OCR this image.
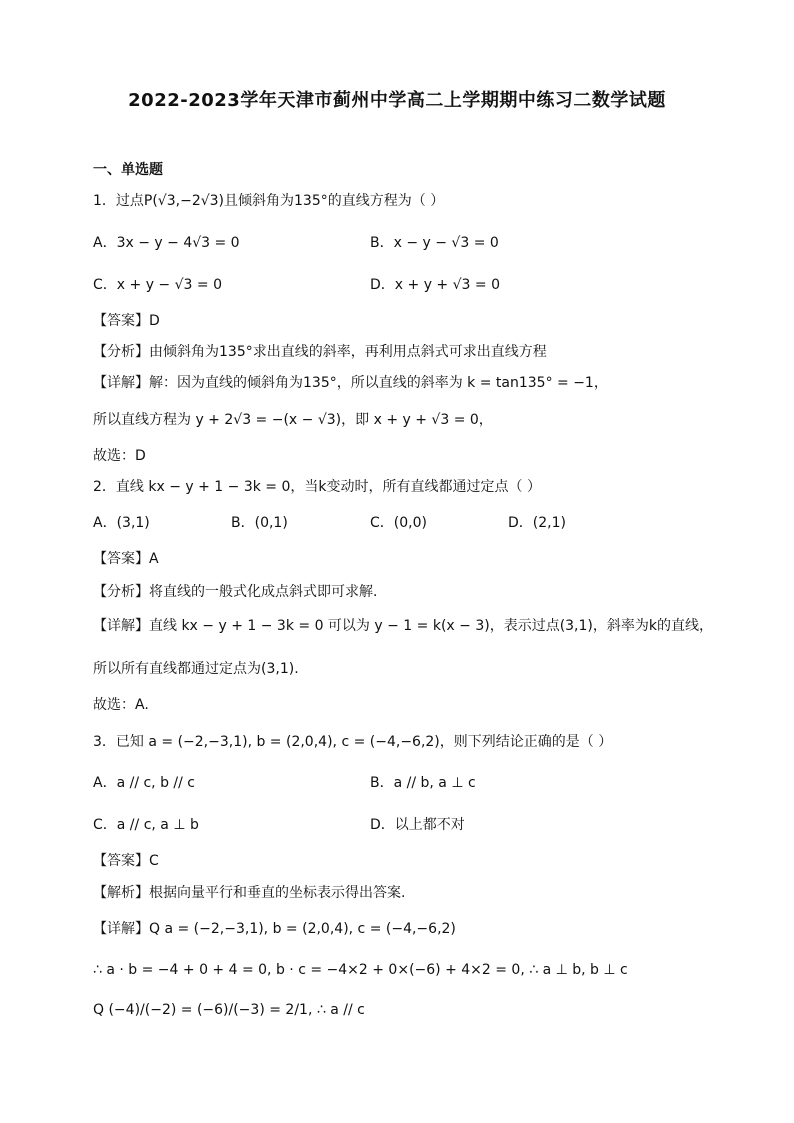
2022-2023学年天津市蓟州中学高二上学期期中练习二数学试题
一、单选题
1．过点P(√3,−2√3)且倾斜角为135°的直线方程为（ ）
A．3x − y − 4√3 = 0	B．x − y − √3 = 0
C．x + y − √3 = 0	D．x + y + √3 = 0
【答案】D
【分析】由倾斜角为135°求出直线的斜率，再利用点斜式可求出直线方程
【详解】解：因为直线的倾斜角为135°，所以直线的斜率为 k = tan135° = −1，
所以直线方程为 y + 2√3 = −(x − √3)，即 x + y + √3 = 0，
故选：D
2．直线 kx − y + 1 − 3k = 0，当k变动时，所有直线都通过定点（ ）
A．(3,1)	B．(0,1)	C．(0,0)	D．(2,1)
【答案】A
【分析】将直线的一般式化成点斜式即可求解.
【详解】直线 kx − y + 1 − 3k = 0 可以为 y − 1 = k(x − 3)，表示过点(3,1)，斜率为k的直线，
所以所有直线都通过定点为(3,1).
故选：A.
3．已知 a = (−2,−3,1), b = (2,0,4), c = (−4,−6,2)，则下列结论正确的是（ ）
A．a // c, b // c	B．a // b, a ⊥ c
C．a // c, a ⊥ b	D．以上都不对
【答案】C
【解析】根据向量平行和垂直的坐标表示得出答案.
【详解】Q a = (−2,−3,1), b = (2,0,4), c = (−4,−6,2)
∴ a · b = −4 + 0 + 4 = 0, b · c = −4×2 + 0×(−6) + 4×2 = 0, ∴ a ⊥ b, b ⊥ c
Q (−4)/(−2) = (−6)/(−3) = 2/1, ∴ a // c
